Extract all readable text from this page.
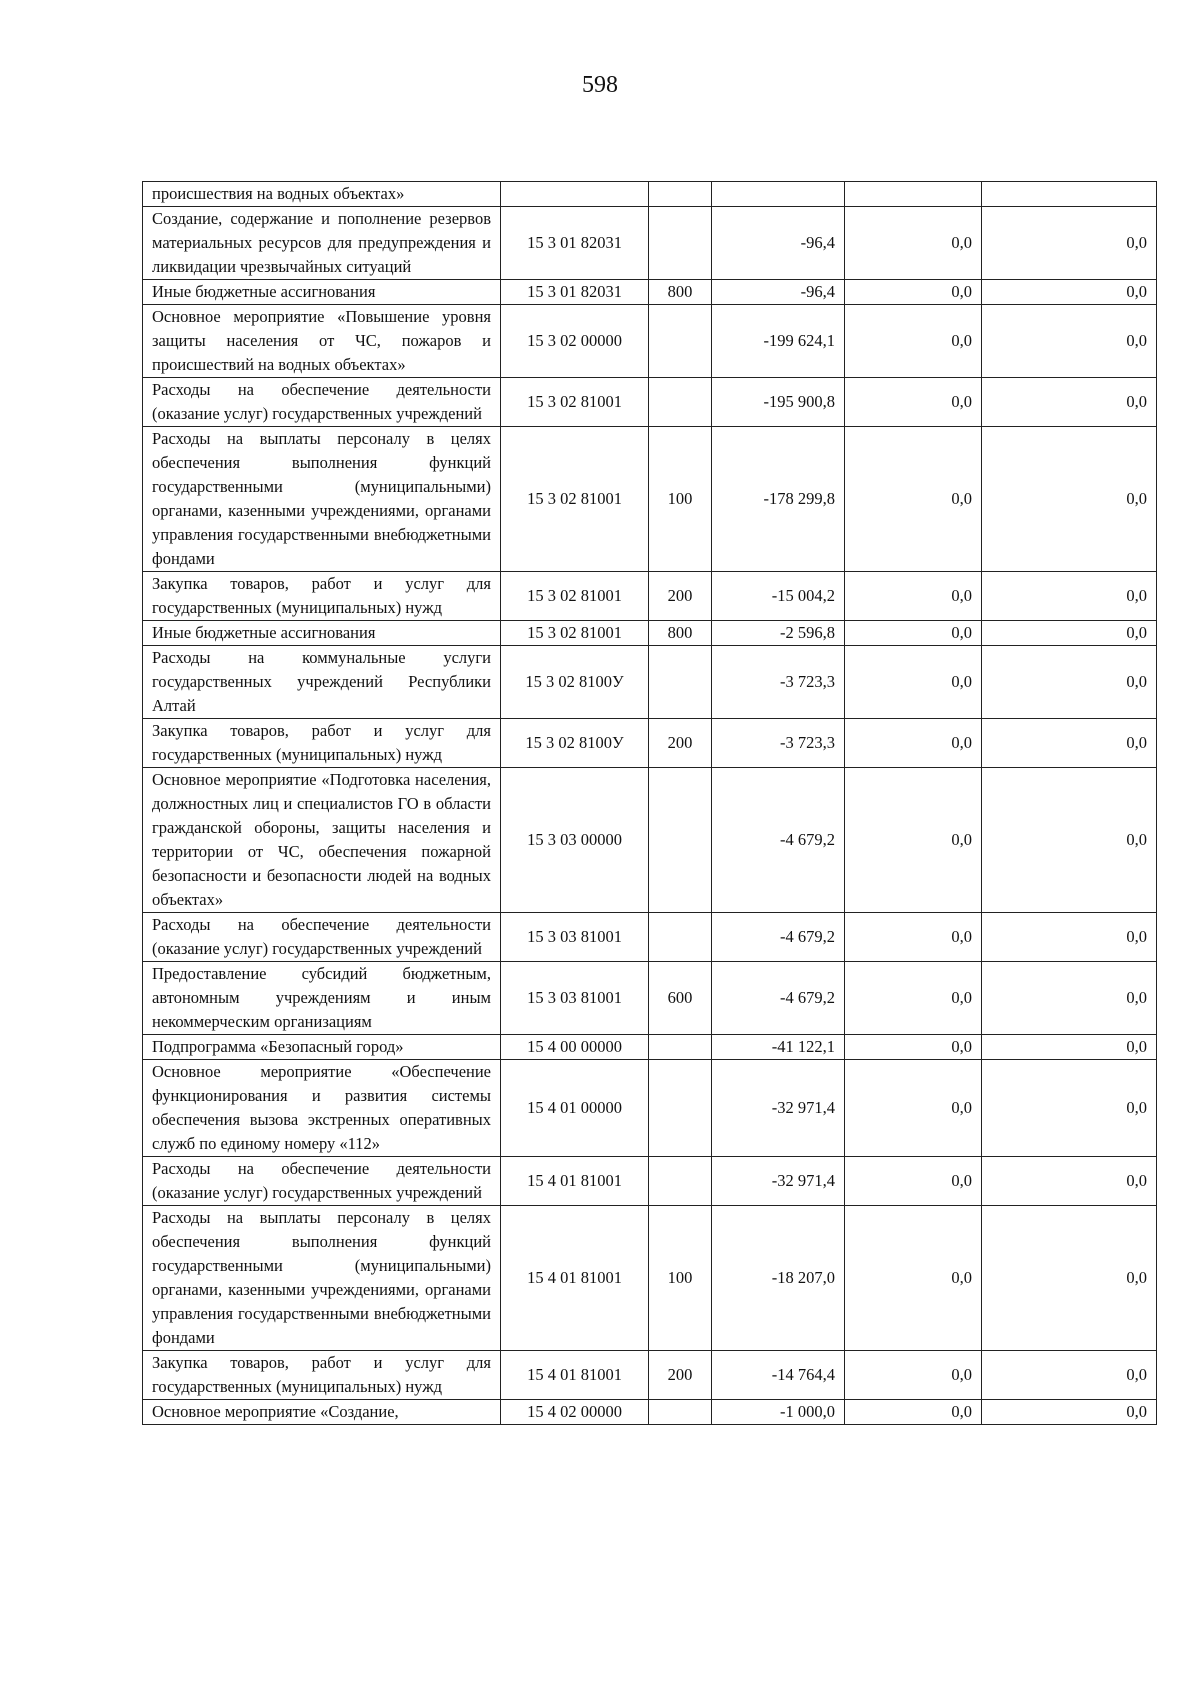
598
происшествия на водных объектах»					
Создание, содержание и пополнение резервов материальных ресурсов для предупреждения и ликвидации чрезвычайных ситуаций	15 3 01 82031		-96,4	0,0	0,0
Иные бюджетные ассигнования	15 3 01 82031	800	-96,4	0,0	0,0
Основное мероприятие «Повышение уровня защиты населения от ЧС, пожаров и происшествий на водных объектах»	15 3 02 00000		-199 624,1	0,0	0,0
Расходы на обеспечение деятельности (оказание услуг) государственных учреждений	15 3 02 81001		-195 900,8	0,0	0,0
Расходы на выплаты персоналу в целях обеспечения выполнения функций государственными (муниципальными) органами, казенными учреждениями, органами управления государственными внебюджетными фондами	15 3 02 81001	100	-178 299,8	0,0	0,0
Закупка товаров, работ и услуг для государственных (муниципальных) нужд	15 3 02 81001	200	-15 004,2	0,0	0,0
Иные бюджетные ассигнования	15 3 02 81001	800	-2 596,8	0,0	0,0
Расходы на коммунальные услуги государственных учреждений Республики Алтай	15 3 02 8100У		-3 723,3	0,0	0,0
Закупка товаров, работ и услуг для государственных (муниципальных) нужд	15 3 02 8100У	200	-3 723,3	0,0	0,0
Основное мероприятие «Подготовка населения, должностных лиц и специалистов ГО в области гражданской обороны, защиты населения и территории от ЧС, обеспечения пожарной безопасности и безопасности людей на водных объектах»	15 3 03 00000		-4 679,2	0,0	0,0
Расходы на обеспечение деятельности (оказание услуг) государственных учреждений	15 3 03 81001		-4 679,2	0,0	0,0
Предоставление субсидий бюджетным, автономным учреждениям и иным некоммерческим организациям	15 3 03 81001	600	-4 679,2	0,0	0,0
Подпрограмма «Безопасный город»	15 4 00 00000		-41 122,1	0,0	0,0
Основное мероприятие «Обеспечение функционирования и развития системы обеспечения вызова экстренных оперативных служб по единому номеру «112»	15 4 01 00000		-32 971,4	0,0	0,0
Расходы на обеспечение деятельности (оказание услуг) государственных учреждений	15 4 01 81001		-32 971,4	0,0	0,0
Расходы на выплаты персоналу в целях обеспечения выполнения функций государственными (муниципальными) органами, казенными учреждениями, органами управления государственными внебюджетными фондами	15 4 01 81001	100	-18 207,0	0,0	0,0
Закупка товаров, работ и услуг для государственных (муниципальных) нужд	15 4 01 81001	200	-14 764,4	0,0	0,0
Основное мероприятие «Создание,	15 4 02 00000		-1 000,0	0,0	0,0
